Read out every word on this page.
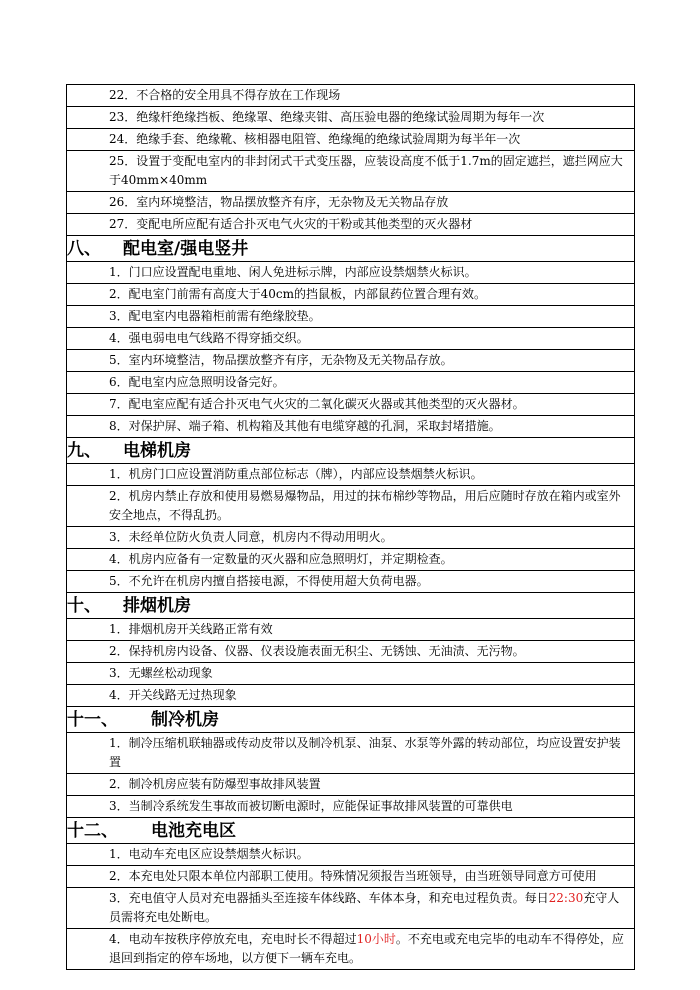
22．不合格的安全用具不得存放在工作现场
23．绝缘杆绝缘挡板、绝缘罩、绝缘夹钳、高压验电器的绝缘试验周期为每年一次
24．绝缘手套、绝缘靴、核相器电阻管、绝缘绳的绝缘试验周期为每半年一次
25．设置于变配电室内的非封闭式干式变压器，应装设高度不低于1.7m的固定遮拦，遮拦网应大于40mm×40mm
26．室内环境整洁，物品摆放整齐有序，无杂物及无关物品存放
27．变配电所应配有适合扑灭电气火灾的干粉或其他类型的灭火器材
八、 配电室/强电竖井
1．门口应设置配电重地、闲人免进标示牌，内部应设禁烟禁火标识。
2．配电室门前需有高度大于40cm的挡鼠板，内部鼠药位置合理有效。
3．配电室内电器箱柜前需有绝缘胶垫。
4．强电弱电电气线路不得穿插交织。
5．室内环境整洁，物品摆放整齐有序，无杂物及无关物品存放。
6．配电室内应急照明设备完好。
7．配电室应配有适合扑灭电气火灾的二氧化碳灭火器或其他类型的灭火器材。
8．对保护屏、端子箱、机构箱及其他有电缆穿越的孔洞，采取封堵措施。
九、 电梯机房
1．机房门口应设置消防重点部位标志（牌），内部应设禁烟禁火标识。
2．机房内禁止存放和使用易燃易爆物品，用过的抹布棉纱等物品，用后应随时存放在箱内或室外安全地点，不得乱扔。
3．未经单位防火负责人同意，机房内不得动用明火。
4．机房内应备有一定数量的灭火器和应急照明灯，并定期检查。
5．不允许在机房内擅自搭接电源，不得使用超大负荷电器。
十、 排烟机房
1．排烟机房开关线路正常有效
2．保持机房内设备、仪器、仪表设施表面无积尘、无锈蚀、无油渍、无污物。
3．无螺丝松动现象
4．开关线路无过热现象
十一、 制冷机房
1．制冷压缩机联轴器或传动皮带以及制冷机泵、油泵、水泵等外露的转动部位，均应设置安护装置
2．制冷机房应装有防爆型事故排风装置
3．当制冷系统发生事故而被切断电源时，应能保证事故排风装置的可靠供电
十二、 电池充电区
1．电动车充电区应设禁烟禁火标识。
2．本充电处只限本单位内部职工使用。特殊情况须报告当班领导，由当班领导同意方可使用
3．充电值守人员对充电器插头至连接车体线路、车体本身，和充电过程负责。每日22:30充守人员需将充电处断电。
4．电动车按秩序停放充电，充电时长不得超过10小时。不充电或充电完毕的电动车不得停处，应退回到指定的停车场地，以方便下一辆车充电。
